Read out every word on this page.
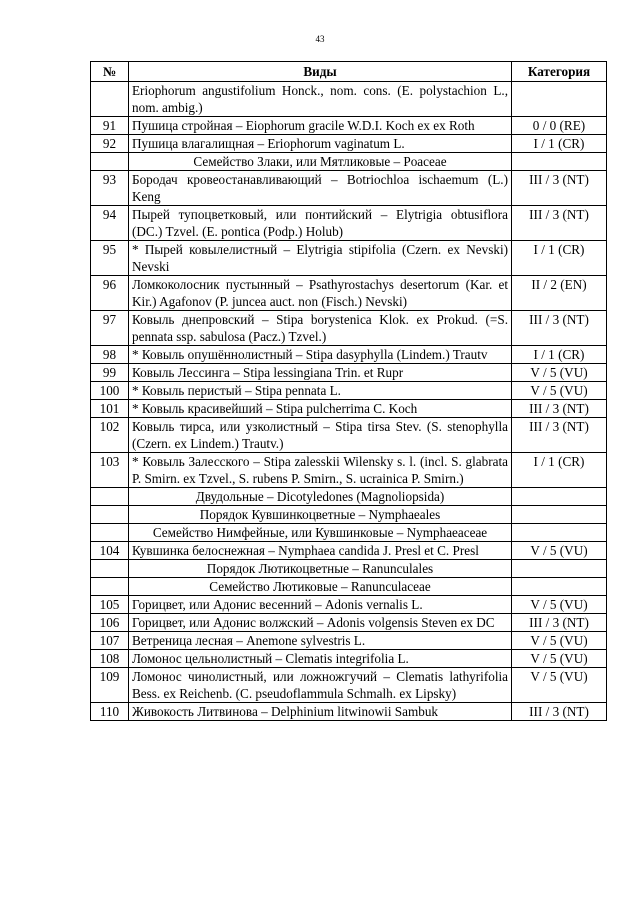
43
№	Виды	Категория
	Eriophorum angustifolium Honck., nom. cons. (E. polystachion L., nom. ambig.)	
91	Пушица стройная – Eiophorum gracile W.D.I. Koch ex ex Roth	0 / 0 (RE)
92	Пушица влагалищная – Eriophorum vaginatum L.	I / 1 (CR)
	Семейство Злаки, или Мятликовые – Poaceae	
93	Бородач кровеостанавливающий – Botriochloa ischaemum (L.) Keng	III / 3 (NT)
94	Пырей тупоцветковый, или понтийский – Elytrigia obtusiflora (DC.) Tzvel. (E. pontica (Podp.) Holub)	III / 3 (NT)
95	* Пырей ковылелистный – Elytrigia stipifolia (Czern. ex Nevski) Nevski	I / 1 (CR)
96	Ломкоколосник пустынный – Psathyrostachys desertorum (Kar. et Kir.) Agafonov (P. juncea auct. non (Fisch.) Nevski)	II / 2 (EN)
97	Ковыль днепровский – Stipa borystenica Klok. ex Prokud. (=S. pennata ssp. sabulosa (Pacz.) Tzvel.)	III / 3 (NT)
98	* Ковыль опушённолистный – Stipa dasyphylla (Lindem.) Trautv	I / 1 (CR)
99	Ковыль Лессинга – Stipa lessingiana Trin. et Rupr	V / 5 (VU)
100	* Ковыль перистый – Stipa pennata L.	V / 5 (VU)
101	* Ковыль красивейший – Stipa pulcherrima C. Koch	III / 3 (NT)
102	Ковыль тирса, или узколистный – Stipa tirsa Stev. (S. stenophylla (Czern. ex Lindem.) Trautv.)	III / 3 (NT)
103	* Ковыль Залесского – Stipa zalesskii Wilensky s. l. (incl. S. glabrata P. Smirn. ex Tzvel., S. rubens P. Smirn., S. ucrainica P. Smirn.)	I / 1 (CR)
	Двудольные – Dicotyledones (Magnoliopsida)	
	Порядок Кувшинкоцветные – Nymphaeales	
	Семейство Нимфейные, или Кувшинковые – Nymphaeaceae	
104	Кувшинка белоснежная – Nymphaea candida J. Presl et C. Presl	V / 5 (VU)
	Порядок Лютикоцветные – Ranunculales	
	Семейство Лютиковые – Ranunculaceae	
105	Горицвет, или Адонис весенний – Adonis vernalis L.	V / 5 (VU)
106	Горицвет, или Адонис волжский – Adonis volgensis Steven ex DC	III / 3 (NT)
107	Ветреница лесная – Anemone sylvestris L.	V / 5 (VU)
108	Ломонос цельнолистный – Clematis integrifolia L.	V / 5 (VU)
109	Ломонос чинолистный, или ложножгучий – Clematis lathyrifolia Bess. ex Reichenb. (C. pseudoflammula Schmalh. ex Lipsky)	V / 5 (VU)
110	Живокость Литвинова – Delphinium litwinowii Sambuk	III / 3 (NT)
